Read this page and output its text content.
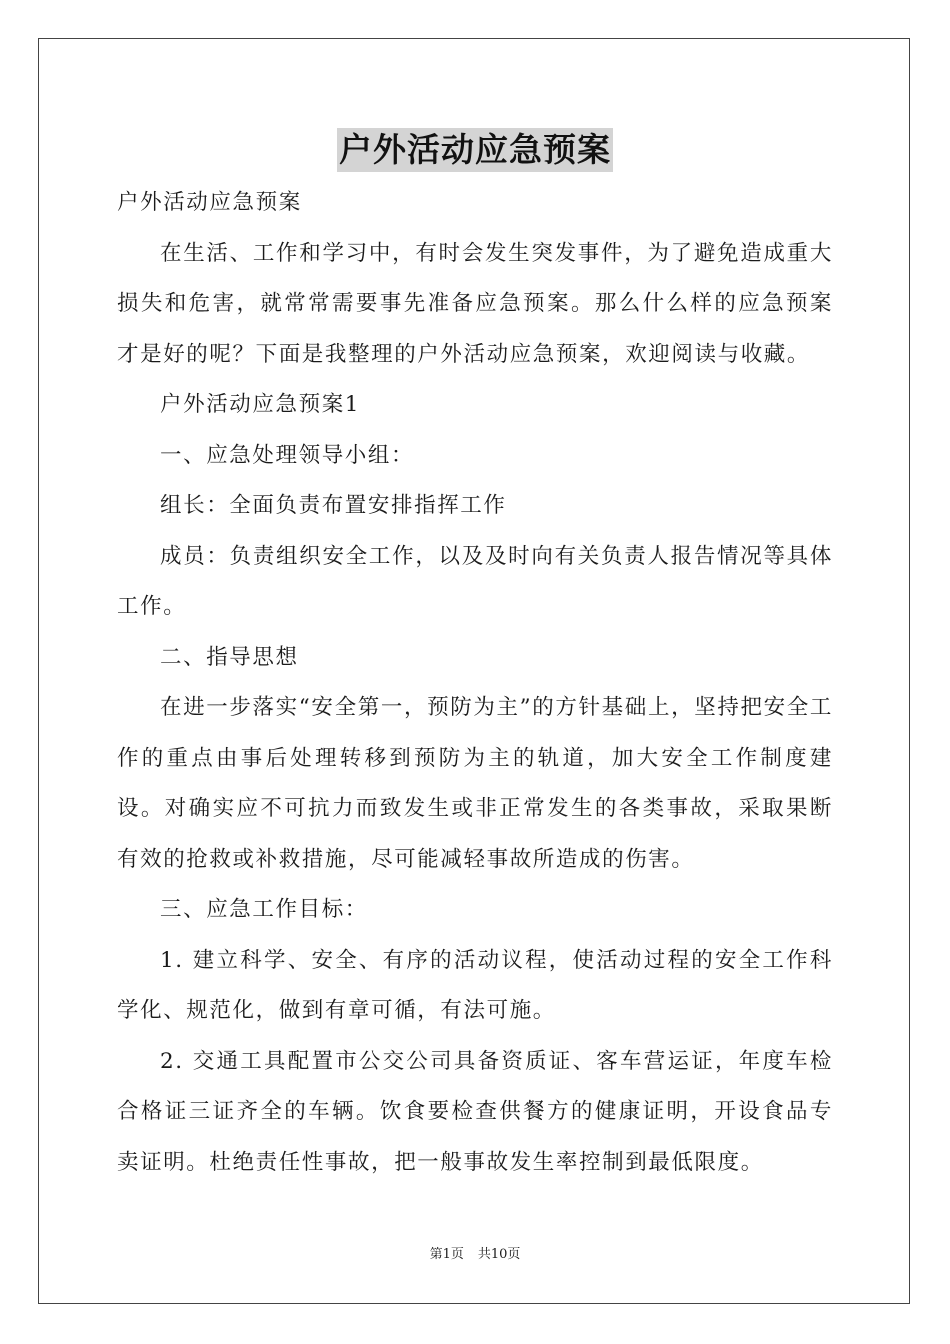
户外活动应急预案

户外活动应急预案

在生活、工作和学习中，有时会发生突发事件，为了避免造成重大损失和危害，就常常需要事先准备应急预案。那么什么样的应急预案才是好的呢？下面是我整理的户外活动应急预案，欢迎阅读与收藏。

户外活动应急预案1

一、应急处理领导小组：

组长：全面负责布置安排指挥工作

成员：负责组织安全工作，以及及时向有关负责人报告情况等具体工作。

二、指导思想

在进一步落实“安全第一，预防为主”的方针基础上，坚持把安全工作的重点由事后处理转移到预防为主的轨道，加大安全工作制度建设。对确实应不可抗力而致发生或非正常发生的各类事故，采取果断有效的抢救或补救措施，尽可能减轻事故所造成的伤害。

三、应急工作目标：

1. 建立科学、安全、有序的活动议程，使活动过程的安全工作科学化、规范化，做到有章可循，有法可施。

2. 交通工具配置市公交公司具备资质证、客车营运证，年度车检合格证三证齐全的车辆。饮食要检查供餐方的健康证明，开设食品专卖证明。杜绝责任性事故，把一般事故发生率控制到最低限度。

第1页 共10页
